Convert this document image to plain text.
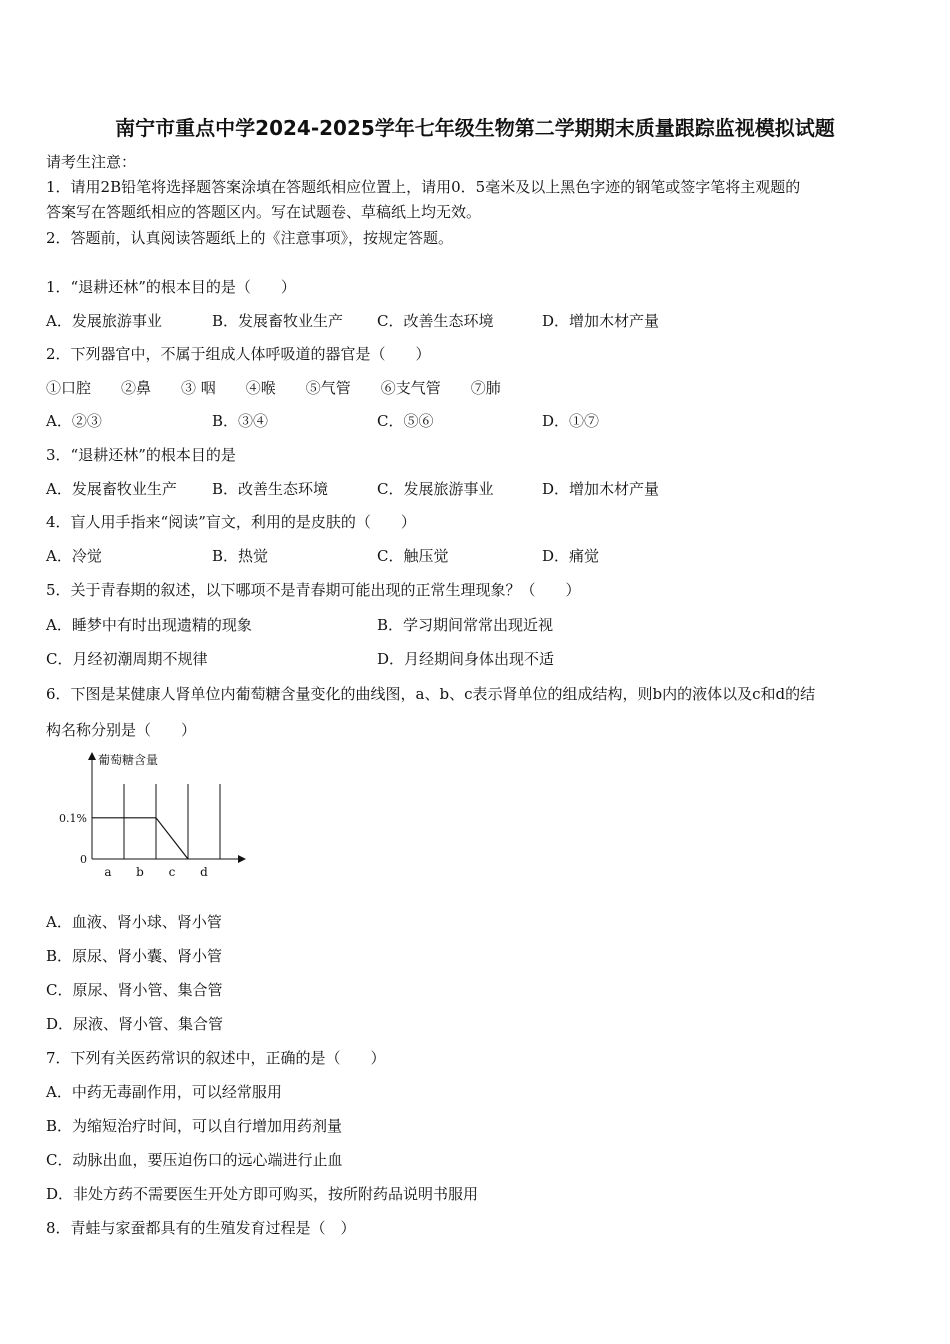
南宁市重点中学2024-2025学年七年级生物第二学期期末质量跟踪监视模拟试题
请考生注意：
1．请用2B铅笔将选择题答案涂填在答题纸相应位置上，请用0．5毫米及以上黑色字迹的钢笔或签字笔将主观题的
答案写在答题纸相应的答题区内。写在试题卷、草稿纸上均无效。
2．答题前，认真阅读答题纸上的《注意事项》，按规定答题。
1．“退耕还林”的根本目的是（　　）
A．发展旅游事业	B．发展畜牧业生产 C．改善生态环境	D．增加木材产量
2．下列器官中，不属于组成人体呼吸道的器官是（　　）
①口腔　　②鼻　　③ 咽　　④喉　　⑤气管　　⑥支气管　　⑦肺
A．②③	B．③④	C．⑤⑥	D．①⑦
3．“退耕还林”的根本目的是
A．发展畜牧业生产 B．改善生态环境	C．发展旅游事业	D．增加木材产量
4．盲人用手指来“阅读”盲文，利用的是皮肤的（　　）
A．冷觉	B．热觉	C．触压觉	D．痛觉
5．关于青春期的叙述，以下哪项不是青春期可能出现的正常生理现象？（　　）
A．睡梦中有时出现遗精的现象	B．学习期间常常出现近视
C．月经初潮周期不规律	D．月经期间身体出现不适
6．下图是某健康人肾单位内葡萄糖含量变化的曲线图，a、b、c表示肾单位的组成结构，则b内的液体以及c和d的结
构名称分别是（　　）
葡萄糖含量
0.1%
0
a b c d
A．血液、肾小球、肾小管
B．原尿、肾小囊、肾小管
C．原尿、肾小管、集合管
D．尿液、肾小管、集合管
7．下列有关医药常识的叙述中，正确的是（　　）
A．中药无毒副作用，可以经常服用
B．为缩短治疗时间，可以自行增加用药剂量
C．动脉出血，要压迫伤口的远心端进行止血
D．非处方药不需要医生开处方即可购买，按所附药品说明书服用
8．青蛙与家蚕都具有的生殖发育过程是（　）
